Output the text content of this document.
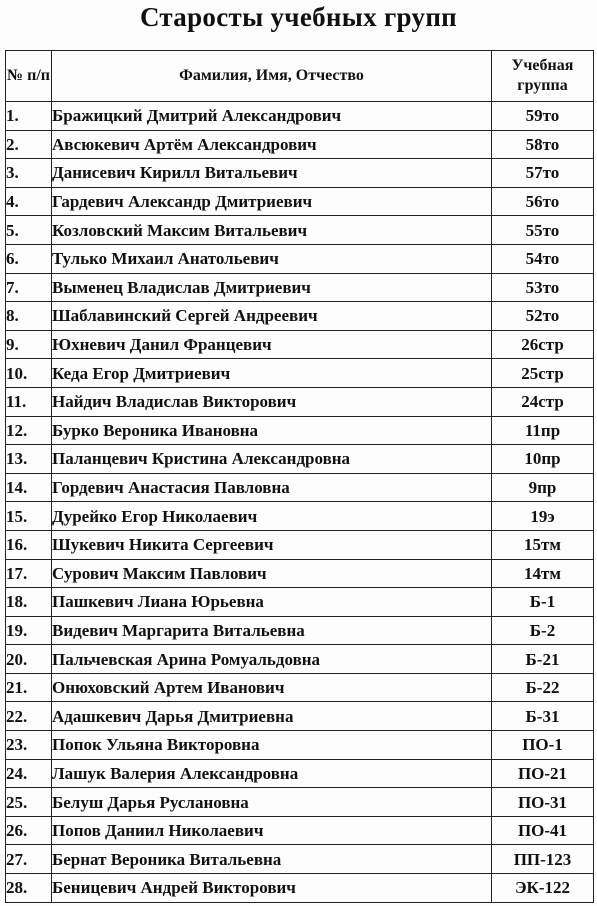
Старосты учебных групп
№ п/п	Фамилия, Имя, Отчество	Учебная группа
1.	Бражицкий Дмитрий Александрович	59то
2.	Авсюкевич Артём Александрович	58то
3.	Данисевич Кирилл Витальевич	57то
4.	Гардевич Александр Дмитриевич	56то
5.	Козловский Максим Витальевич	55то
6.	Тулько Михаил Анатольевич	54то
7.	Выменец Владислав Дмитриевич	53то
8.	Шаблавинский Сергей Андреевич	52то
9.	Юхневич Данил Францевич	26стр
10.	Кеда Егор Дмитриевич	25стр
11.	Найдич Владислав Викторович	24стр
12.	Бурко Вероника Ивановна	11пр
13.	Паланцевич Кристина Александровна	10пр
14.	Гордевич Анастасия Павловна	9пр
15.	Дурейко Егор Николаевич	19э
16.	Шукевич Никита Сергеевич	15тм
17.	Сурович Максим Павлович	14тм
18.	Пашкевич Лиана Юрьевна	Б-1
19.	Видевич Маргарита Витальевна	Б-2
20.	Пальчевская Арина Ромуальдовна	Б-21
21.	Онюховский Артем Иванович	Б-22
22.	Адашкевич Дарья Дмитриевна	Б-31
23.	Попок Ульяна Викторовна	ПО-1
24.	Лашук Валерия Александровна	ПО-21
25.	Белуш Дарья Руслановна	ПО-31
26.	Попов Даниил Николаевич	ПО-41
27.	Бернат Вероника Витальевна	ПП-123
28.	Беницевич Андрей Викторович	ЭК-122
